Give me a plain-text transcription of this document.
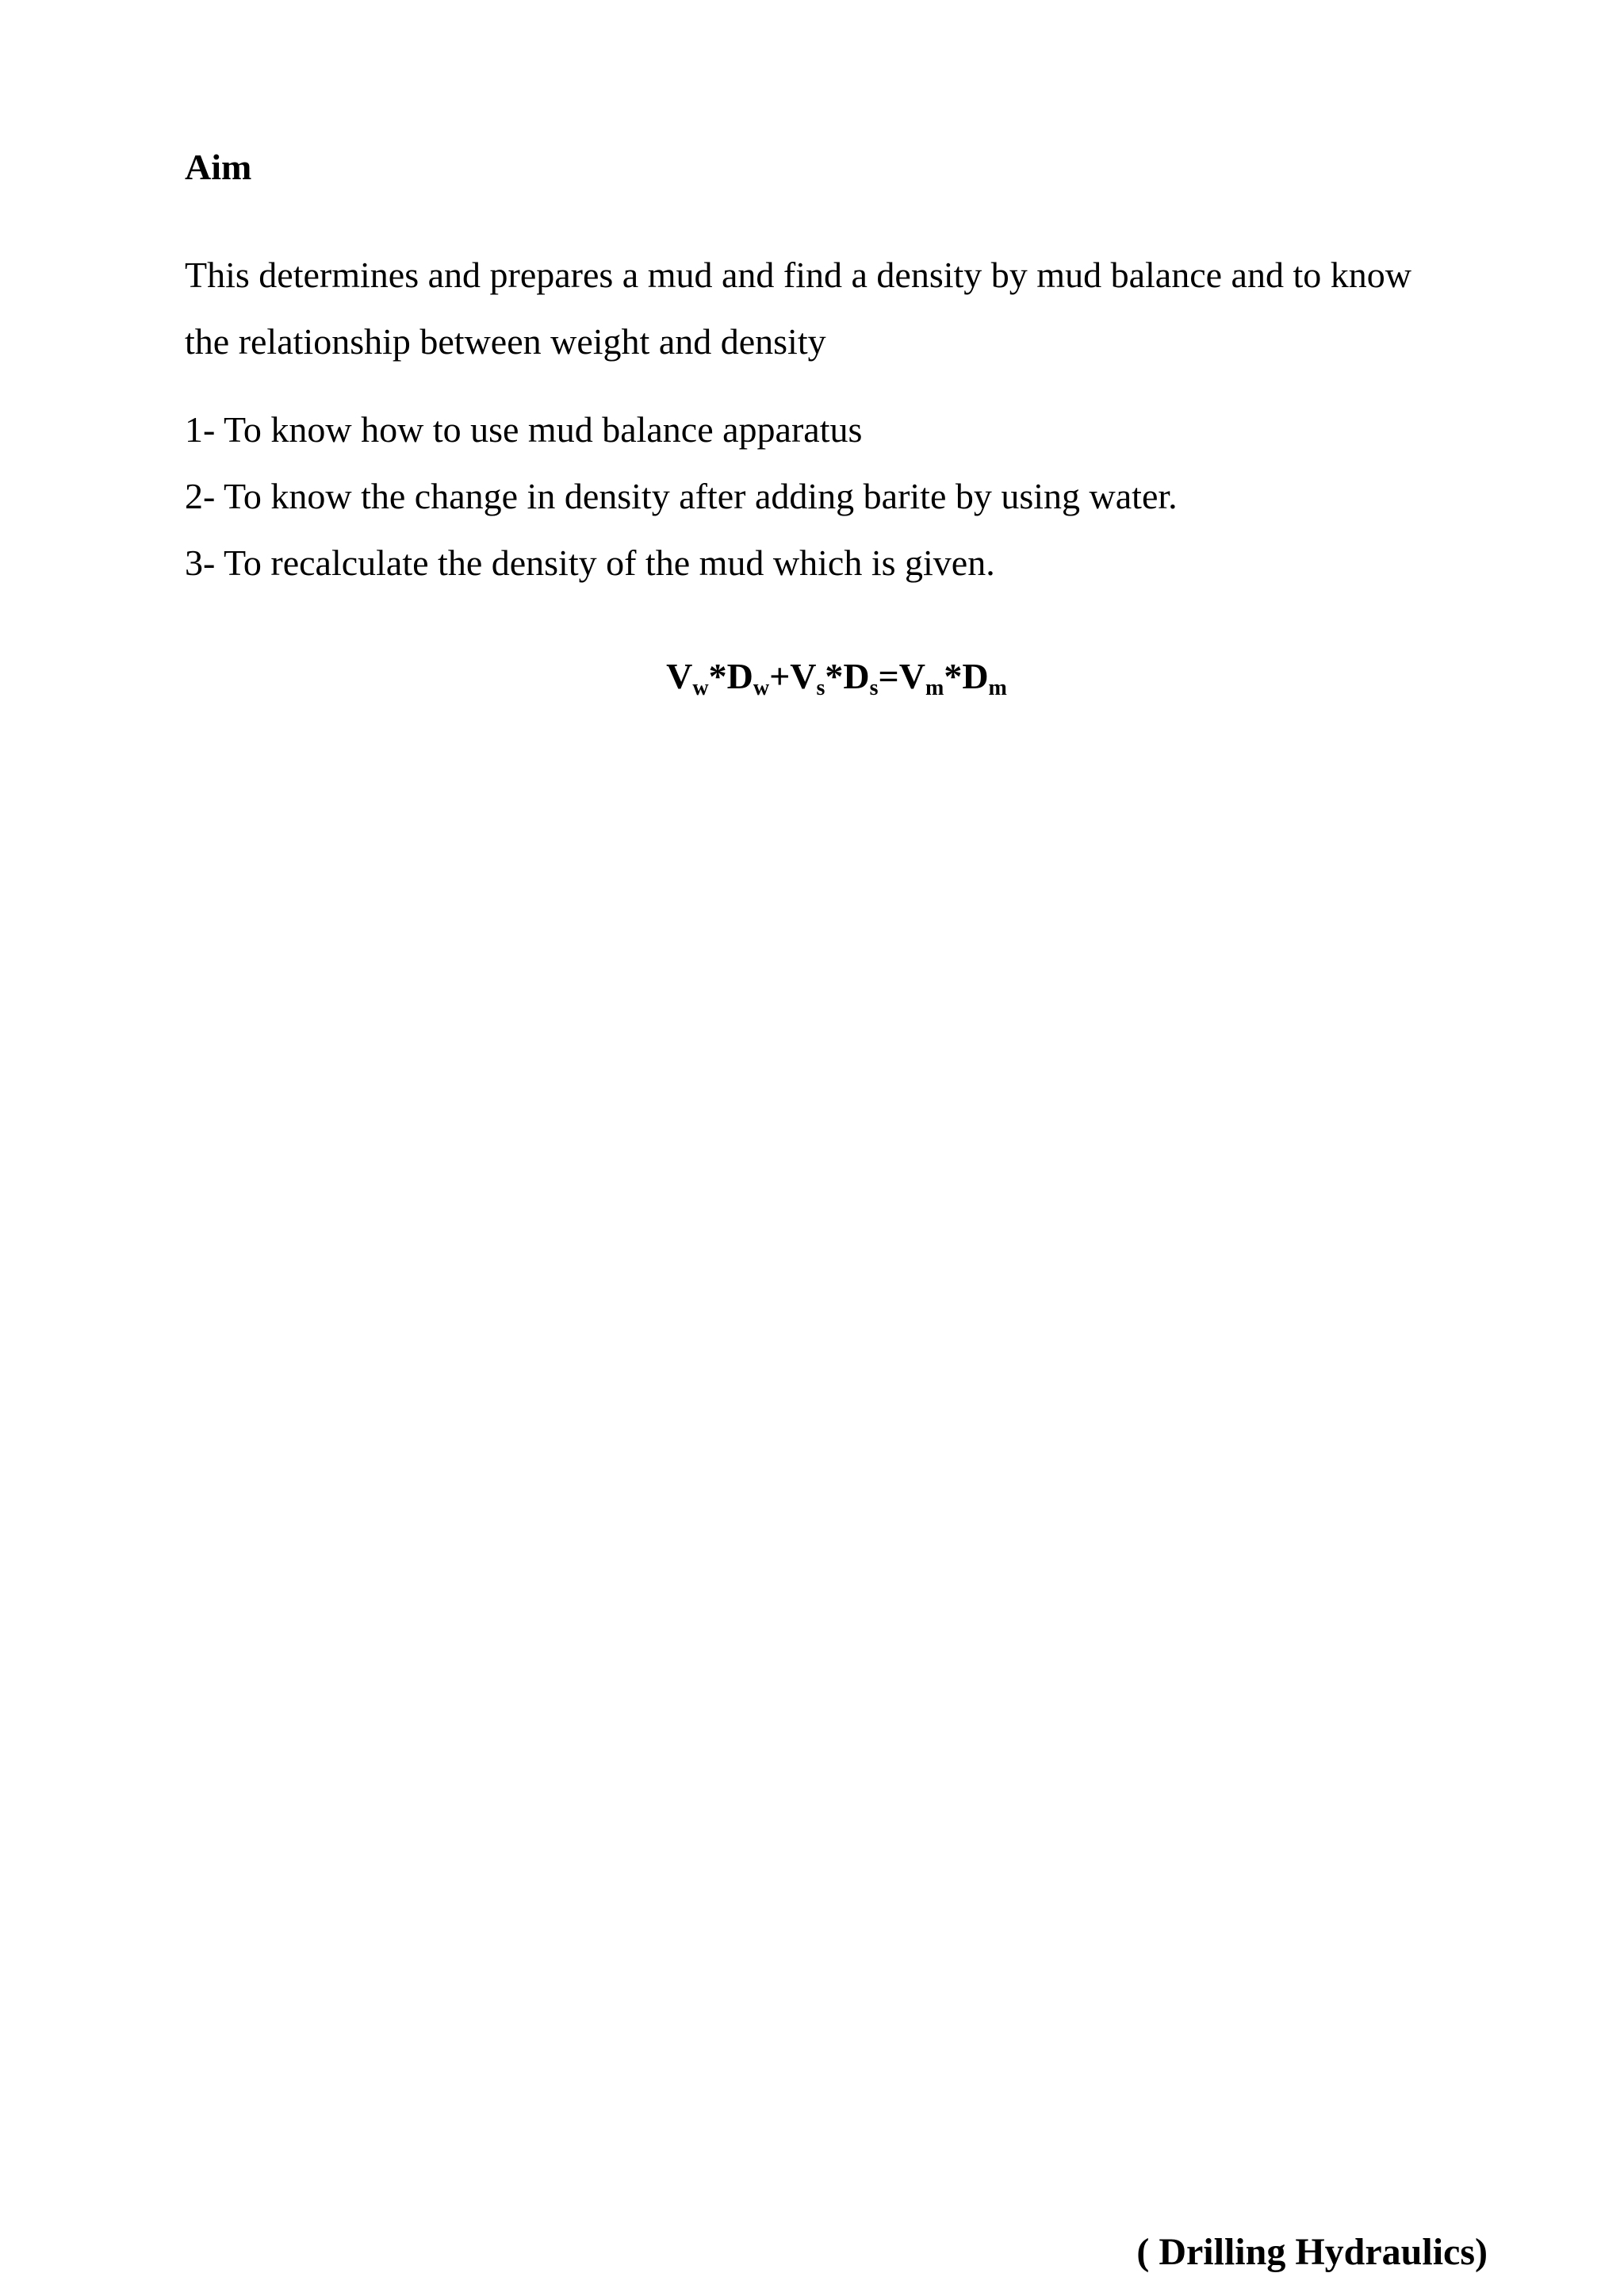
Aim

This determines and prepares a mud and find a density by mud balance and to know

the relationship between weight and density

1- To know how to use mud balance apparatus
2- To know the change in density after adding barite by using water.
3- To recalculate the density of the mud which is given.
$V_w*D_w+V_s*D_s=V_m*D_m$
( Drilling Hydraulics)
